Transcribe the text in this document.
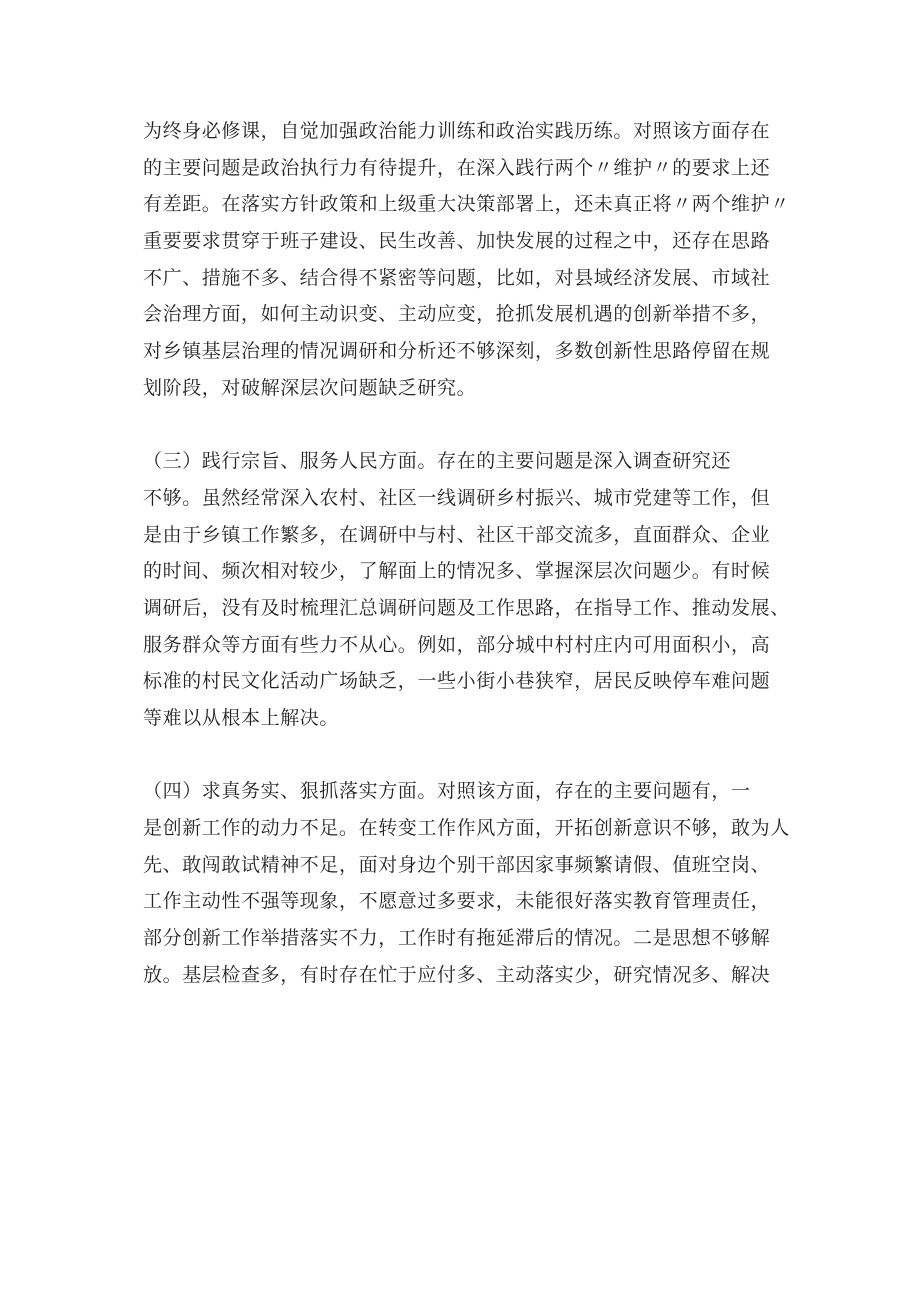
为终身必修课，自觉加强政治能力训练和政治实践历练。对照该方面存在
的主要问题是政治执行力有待提升，在深入践行两个〃维护〃的要求上还
有差距。在落实方针政策和上级重大决策部署上，还未真正将〃两个维护〃
重要要求贯穿于班子建设、民生改善、加快发展的过程之中，还存在思路
不广、措施不多、结合得不紧密等问题，比如，对县域经济发展、市域社
会治理方面，如何主动识变、主动应变，抢抓发展机遇的创新举措不多，
对乡镇基层治理的情况调研和分析还不够深刻，多数创新性思路停留在规
划阶段，对破解深层次问题缺乏研究。
（三）践行宗旨、服务人民方面。存在的主要问题是深入调查研究还
不够。虽然经常深入农村、社区一线调研乡村振兴、城市党建等工作，但
是由于乡镇工作繁多，在调研中与村、社区干部交流多，直面群众、企业
的时间、频次相对较少，了解面上的情况多、掌握深层次问题少。有时候
调研后，没有及时梳理汇总调研问题及工作思路，在指导工作、推动发展、
服务群众等方面有些力不从心。例如，部分城中村村庄内可用面积小，高
标准的村民文化活动广场缺乏，一些小街小巷狭窄，居民反映停车难问题
等难以从根本上解决。
（四）求真务实、狠抓落实方面。对照该方面，存在的主要问题有，一
是创新工作的动力不足。在转变工作作风方面，开拓创新意识不够，敢为人
先、敢闯敢试精神不足，面对身边个别干部因家事频繁请假、值班空岗、
工作主动性不强等现象，不愿意过多要求，未能很好落实教育管理责任，
部分创新工作举措落实不力，工作时有拖延滞后的情况。二是思想不够解
放。基层检查多，有时存在忙于应付多、主动落实少，研究情况多、解决
